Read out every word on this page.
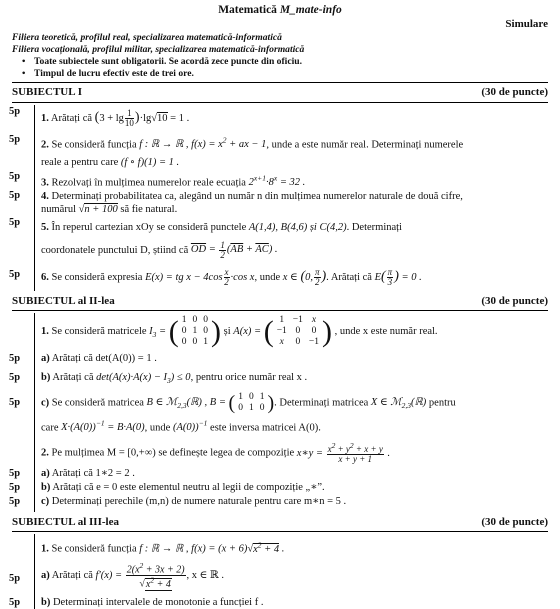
Matematică M_mate-info
Simulare
Filiera teoretică, profilul real, specializarea matematică-informatică
Filiera vocațională, profilul militar, specializarea matematică-informatică
• Toate subiectele sunt obligatorii. Se acordă zece puncte din oficiu.
• Timpul de lucru efectiv este de trei ore.
SUBIECTUL I	(30 de puncte)
5p
1. Arătați că $(3 + \lg \frac{1}{10} )\cdot\lg√10 = 1$ .
5p	2. Se consideră funcția f : ℝ → ℝ , $f(x) = x^2$ + ax − 1, unde a este număr real. Determinați numerele

reale a pentru care (f ∘ f)(1) = 1 .
5p
3. Rezolvați în mulțimea numerelor reale ecuația $2^{x+1}\cdot 8^x = 32$ .
5p	4. Determinați probabilitatea ca, alegând un număr n din mulțimea numerelor naturale de două cifre,
numărul √n + 100 să fie natural.
5p	5. În reperul cartezian xOy se consideră punctele A(1,4), B(4,6) și C(4,2). Determinați

coordonatele punctului D, știind că $\overline{OD} = \frac{1}{2} (\overline{AB} + \overline{AC})$ .
5p	6. Se consideră expresia E(x) = tg $x - 4\cos \frac{x}{2} \cdot\cos$ x, unde x ∈ (0, $\frac{\pi}{2}$ ). Arătați că $E( \frac{\pi}{3}$ ) = 0 .
SUBIECTUL al II-lea	(30 de puncte)
1. Se consideră matricele $I_3$ = ( 1	0	0
0	1	0
0	0	1 ) și A(x) = ( 1	−1	x
−1	0	0
x	0	−1 ) , unde x este număr real.
5p	a) Arătați că det(A(0)) = 1 .
5p	b) Arătați că $\det(A(x)\cdot A(x) - I_3) \le 0$, pentru orice număr real x .
5p	c) Se consideră matricea B ∈ ℳ$_{2,3}$(ℝ) , B = ( 1	0	1
0	1	0 ) . Determinați matricea X ∈ ℳ$_{2,3}$(ℝ) pentru

care $X\cdot(A(0))^{-1} = B\cdot A(0)$, unde $(A(0))^{-1}$ este inversa matricei A(0).
2. Pe mulțimea M = [0,+∞) se definește legea de compoziție x∗y = $\frac{x^2 + y^2 + x + y}{x + y + 1}$ .
5p	a) Arătați că 1∗2 = 2 .
5p	b) Arătați că e = 0 este elementul neutru al legii de compoziție „∗”.
5p	c) Determinați perechile (m,n) de numere naturale pentru care m∗n = 5 .
SUBIECTUL al III-lea	(30 de puncte)
1. Se consideră funcția f : ℝ → ℝ , $f(x) = (x + 6)√x^2 + 4$ .
5p	a) Arătați că $f'(x) = \frac{2(x^2 + 3x + 2)}{√x^2 + 4}$ , x ∈ ℝ .
5p	b) Determinați intervalele de monotonie a funcției f .
